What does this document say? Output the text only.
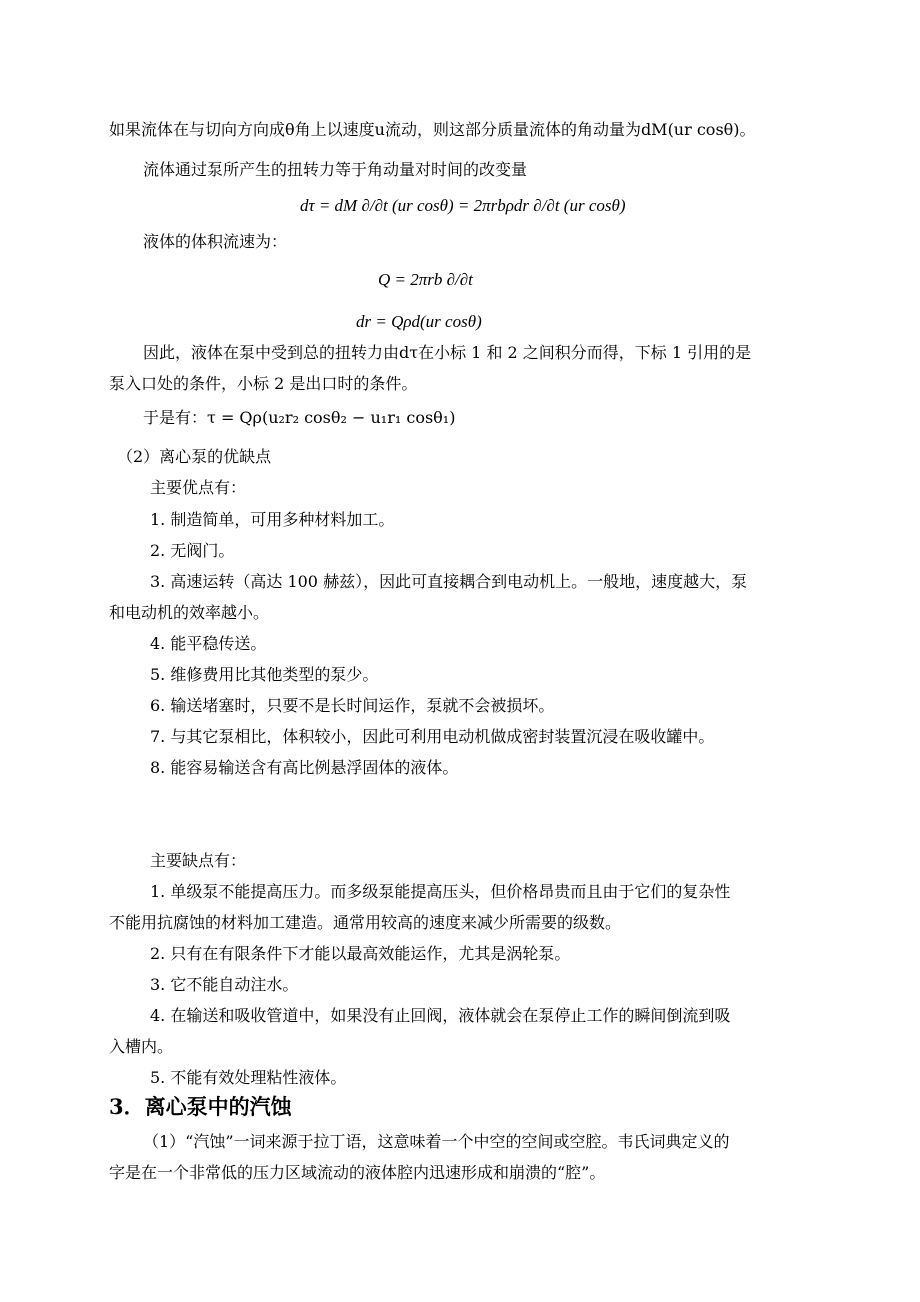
如果流体在与切向方向成θ角上以速度u流动，则这部分质量流体的角动量为dM(ur cosθ)。
流体通过泵所产生的扭转力等于角动量对时间的改变量
dτ = dM ∂/∂t (ur cosθ) = 2πrbρdr ∂/∂t (ur cosθ)
液体的体积流速为：
Q = 2πrb ∂/∂t
dr = Qρd(ur cosθ)
因此，液体在泵中受到总的扭转力由dτ在小标 1 和 2 之间积分而得，下标 1 引用的是
泵入口处的条件，小标 2 是出口时的条件。
于是有：τ = Qρ(u₂r₂ cosθ₂ − u₁r₁ cosθ₁)
（2）离心泵的优缺点
主要优点有：
1. 制造简单，可用多种材料加工。
2. 无阀门。
3. 高速运转（高达 100 赫兹），因此可直接耦合到电动机上。一般地，速度越大，泵
和电动机的效率越小。
4. 能平稳传送。
5. 维修费用比其他类型的泵少。
6. 输送堵塞时，只要不是长时间运作，泵就不会被损坏。
7. 与其它泵相比，体积较小，因此可利用电动机做成密封装置沉浸在吸收罐中。
8. 能容易输送含有高比例悬浮固体的液体。
主要缺点有：
1. 单级泵不能提高压力。而多级泵能提高压头，但价格昂贵而且由于它们的复杂性
不能用抗腐蚀的材料加工建造。通常用较高的速度来减少所需要的级数。
2. 只有在有限条件下才能以最高效能运作，尤其是涡轮泵。
3. 它不能自动注水。
4. 在输送和吸收管道中，如果没有止回阀，液体就会在泵停止工作的瞬间倒流到吸
入槽内。
5. 不能有效处理粘性液体。
3．离心泵中的汽蚀
（1）“汽蚀”一词来源于拉丁语，这意味着一个中空的空间或空腔。韦氏词典定义的
字是在一个非常低的压力区域流动的液体腔内迅速形成和崩溃的“腔”。
